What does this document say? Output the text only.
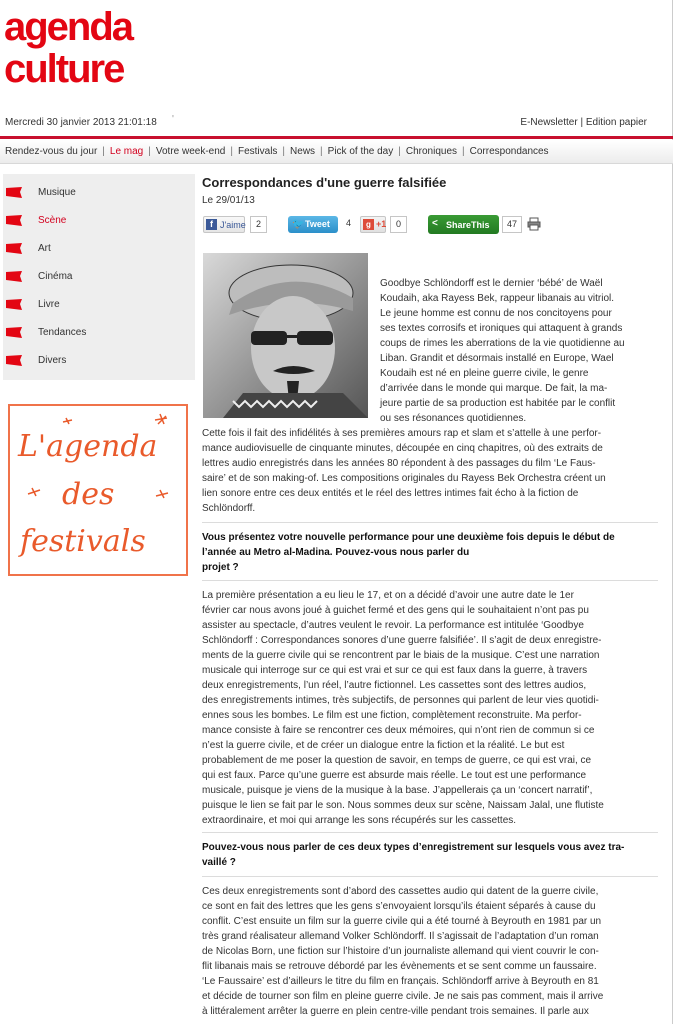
agenda
culture
Mercredi 30 janvier 2013 21:01:18 '	E-Newsletter | Edition papier
Rendez-vous du jour | Le mag | Votre week-end | Festivals | News | Pick of the day | Chroniques | Correspondances
Musique
Scène
Art
Cinéma
Livre
Tendances
Divers
L'agenda
des
festivals
Correspondances d'une guerre falsifiée
Le 29/01/13
f J'aime	2	🐦 Tweet	4	g +1	0	< ShareThis	47
Goodbye Schlöndorff est le dernier ‘bébé’ de Waël
Koudaih, aka Rayess Bek, rappeur libanais au vitriol.
Le jeune homme est connu de nos concitoyens pour
ses textes corrosifs et ironiques qui attaquent à grands
coups de rimes les aberrations de la vie quotidienne au
Liban. Grandit et désormais installé en Europe, Wael
Koudaih est né en pleine guerre civile, le genre
d’arrivée dans le monde qui marque. De fait, la ma-
jeure partie de sa production est habitée par le conflit
ou ses résonances quotidiennes.
Cette fois il fait des infidélités à ses premières amours rap et slam et s’attelle à une perfor-
mance audiovisuelle de cinquante minutes, découpée en cinq chapitres, où des extraits de
lettres audio enregistrés dans les années 80 répondent à des passages du film ‘Le Faus-
saire’ et de son making-of. Les compositions originales du Rayess Bek Orchestra créent un
lien sonore entre ces deux entités et le réel des lettres intimes fait écho à la fiction de
Schlöndorff.
Vous présentez votre nouvelle performance pour une deuxième fois depuis le début de
l’année au Metro al-Madina. Pouvez-vous nous parler du
projet ?
La première présentation a eu lieu le 17, et on a décidé d’avoir une autre date le 1er
février car nous avons joué à guichet fermé et des gens qui le souhaitaient n’ont pas pu
assister au spectacle, d’autres veulent le revoir. La performance est intitulée ‘Goodbye
Schlöndorff : Correspondances sonores d’une guerre falsifiée’. Il s’agit de deux enregistre-
ments de la guerre civile qui se rencontrent par le biais de la musique. C’est une narration
musicale qui interroge sur ce qui est vrai et sur ce qui est faux dans la guerre, à travers
deux enregistrements, l’un réel, l’autre fictionnel. Les cassettes sont des lettres audios,
des enregistrements intimes, très subjectifs, de personnes qui parlent de leur vies quotidi-
ennes sous les bombes. Le film est une fiction, complètement reconstruite. Ma perfor-
mance consiste à faire se rencontrer ces deux mémoires, qui n’ont rien de commun si ce
n’est la guerre civile, et de créer un dialogue entre la fiction et la réalité. Le but est
probablement de me poser la question de savoir, en temps de guerre, ce qui est vrai, ce
qui est faux. Parce qu’une guerre est absurde mais réelle. Le tout est une performance
musicale, puisque je viens de la musique à la base. J’appellerais ça un ‘concert narratif’,
puisque le lien se fait par le son. Nous sommes deux sur scène, Naissam Jalal, une flutiste
extraordinaire, et moi qui arrange les sons récupérés sur les cassettes.
Pouvez-vous nous parler de ces deux types d’enregistrement sur lesquels vous avez tra-
vaillé ?
Ces deux enregistrements sont d’abord des cassettes audio qui datent de la guerre civile,
ce sont en fait des lettres que les gens s’envoyaient lorsqu’ils étaient séparés à cause du
conflit. C’est ensuite un film sur la guerre civile qui a été tourné à Beyrouth en 1981 par un
très grand réalisateur allemand Volker Schlöndorff. Il s’agissait de l’adaptation d’un roman
de Nicolas Born, une fiction sur l’histoire d’un journaliste allemand qui vient couvrir le con-
flit libanais mais se retrouve débordé par les évènements et se sent comme un faussaire.
‘Le Faussaire’ est d’ailleurs le titre du film en français. Schlöndorff arrive à Beyrouth en 81
et décide de tourner son film en pleine guerre civile. Je ne sais pas comment, mais il arrive
à littéralement arrêter la guerre en plein centre-ville pendant trois semaines. Il parle aux
